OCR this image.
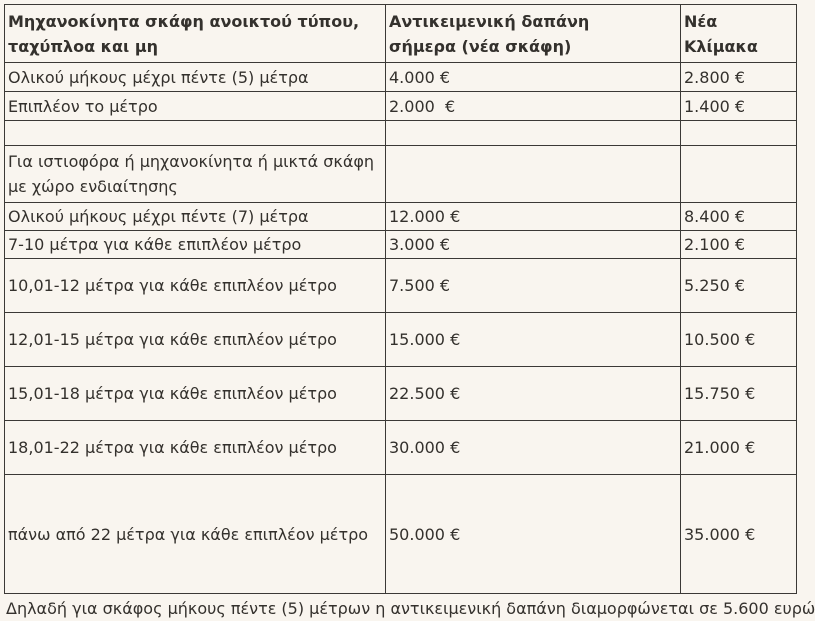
Μηχανοκίνητα σκάφη ανοικτού τύπου, ταχύπλοα και μη	Αντικειμενική δαπάνη σήμερα (νέα σκάφη)	Νέα Κλίμακα
Ολικού μήκους μέχρι πέντε (5) μέτρα	4.000 €	2.800 €
Επιπλέον το μέτρο	2.000  €	1.400 €

Για ιστιοφόρα ή μηχανοκίνητα ή μικτά σκάφη με χώρο ενδιαίτησης		
Ολικού μήκους μέχρι πέντε (7) μέτρα	12.000 €	8.400 €
7-10 μέτρα για κάθε επιπλέον μέτρο	3.000 €	2.100 €
10,01-12 μέτρα για κάθε επιπλέον μέτρο	7.500 €	5.250 €
12,01-15 μέτρα για κάθε επιπλέον μέτρο	15.000 €	10.500 €
15,01-18 μέτρα για κάθε επιπλέον μέτρο	22.500 €	15.750 €
18,01-22 μέτρα για κάθε επιπλέον μέτρο	30.000 €	21.000 €
πάνω από 22 μέτρα για κάθε επιπλέον μέτρο	50.000 €	35.000 €
Δηλαδή για σκάφος μήκους πέντε (5) μέτρων η αντικειμενική δαπάνη διαμορφώνεται σε 5.600 ευρώ
